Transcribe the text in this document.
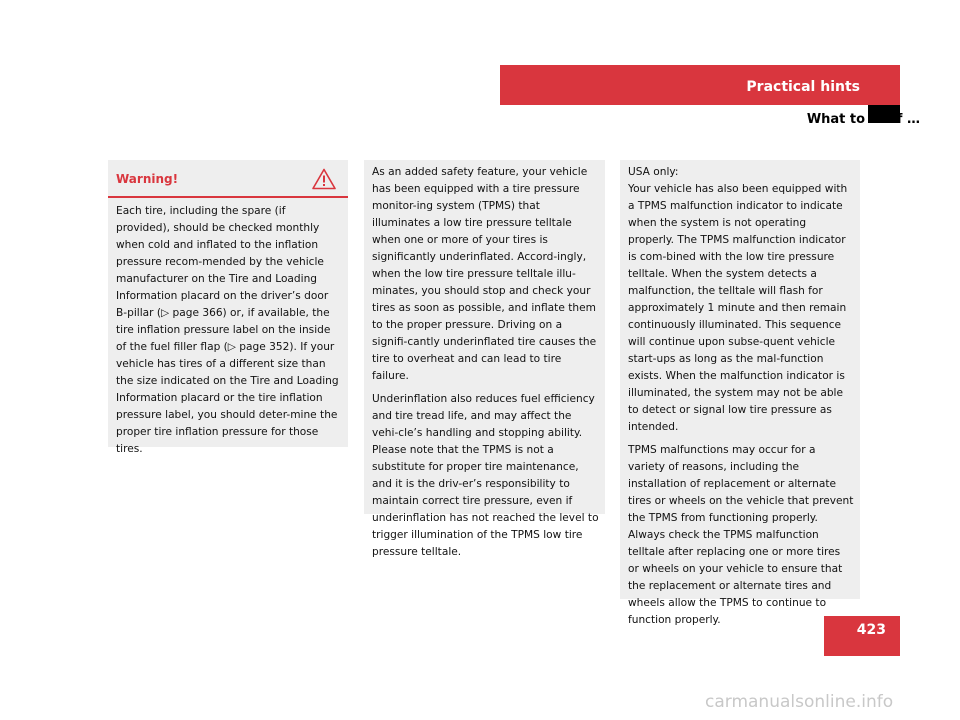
Practical hints
What to do if …
Warning!

Each tire, including the spare (if provided), should be checked monthly when cold and inflated to the inflation pressure recom-mended by the vehicle manufacturer on the Tire and Loading Information placard on the driver’s door B-pillar (▷ page 366) or, if available, the tire inflation pressure label on the inside of the fuel filler flap (▷ page 352). If your vehicle has tires of a different size than the size indicated on the Tire and Loading Information placard or the tire inflation pressure label, you should deter-mine the proper tire inflation pressure for those tires.

As an added safety feature, your vehicle has been equipped with a tire pressure monitor-ing system (TPMS) that illuminates a low tire pressure telltale when one or more of your tires is significantly underinflated. Accord-ingly, when the low tire pressure telltale illu-minates, you should stop and check your tires as soon as possible, and inflate them to the proper pressure. Driving on a signifi-cantly underinflated tire causes the tire to overheat and can lead to tire failure.

Underinflation also reduces fuel efficiency and tire tread life, and may affect the vehi-cle’s handling and stopping ability. Please note that the TPMS is not a substitute for proper tire maintenance, and it is the driv-er’s responsibility to maintain correct tire pressure, even if underinflation has not reached the level to trigger illumination of the TPMS low tire pressure telltale.

USA only:

Your vehicle has also been equipped with a TPMS malfunction indicator to indicate when the system is not operating properly. The TPMS malfunction indicator is com-bined with the low tire pressure telltale. When the system detects a malfunction, the telltale will flash for approximately 1 minute and then remain continuously illuminated. This sequence will continue upon subse-quent vehicle start-ups as long as the mal-function exists. When the malfunction indicator is illuminated, the system may not be able to detect or signal low tire pressure as intended.

TPMS malfunctions may occur for a variety of reasons, including the installation of replacement or alternate tires or wheels on the vehicle that prevent the TPMS from functioning properly. Always check the TPMS malfunction telltale after replacing one or more tires or wheels on your vehicle to ensure that the replacement or alternate tires and wheels allow the TPMS to continue to function properly.

423
carmanualsonline.info
